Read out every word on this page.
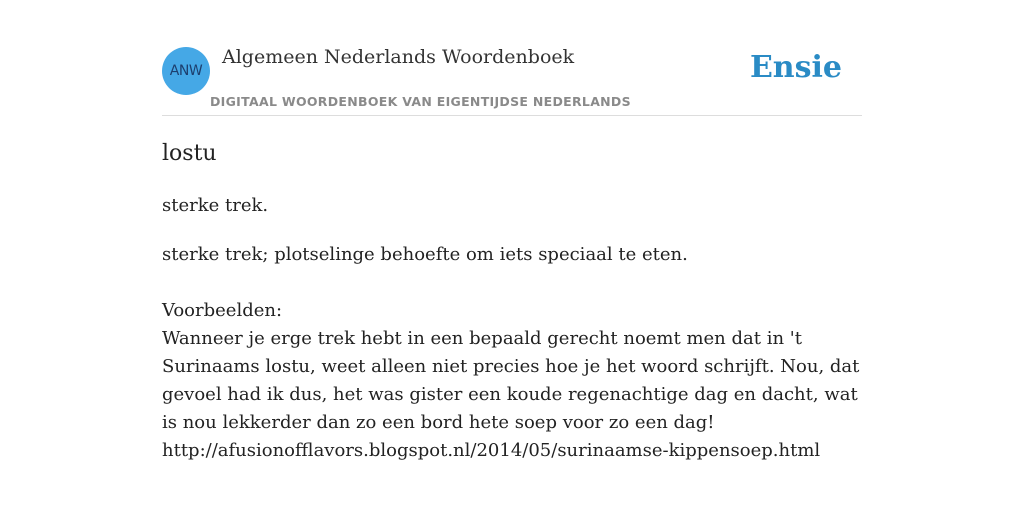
ANW
Algemeen Nederlands Woordenboek
DIGITAAL WOORDENBOEK VAN EIGENTIJDSE NEDERLANDS
Ensie
lostu
sterke trek.
sterke trek; plotselinge behoefte om iets speciaal te eten.
Voorbeelden:
Wanneer je erge trek hebt in een bepaald gerecht noemt men dat in 't Surinaams lostu, weet alleen niet precies hoe je het woord schrijft. Nou, dat gevoel had ik dus, het was gister een koude regenachtige dag en dacht, wat is nou lekkerder dan zo een bord hete soep voor zo een dag!
http://afusionofflavors.blogspot.nl/2014/05/surinaamse-kippensoep.html
